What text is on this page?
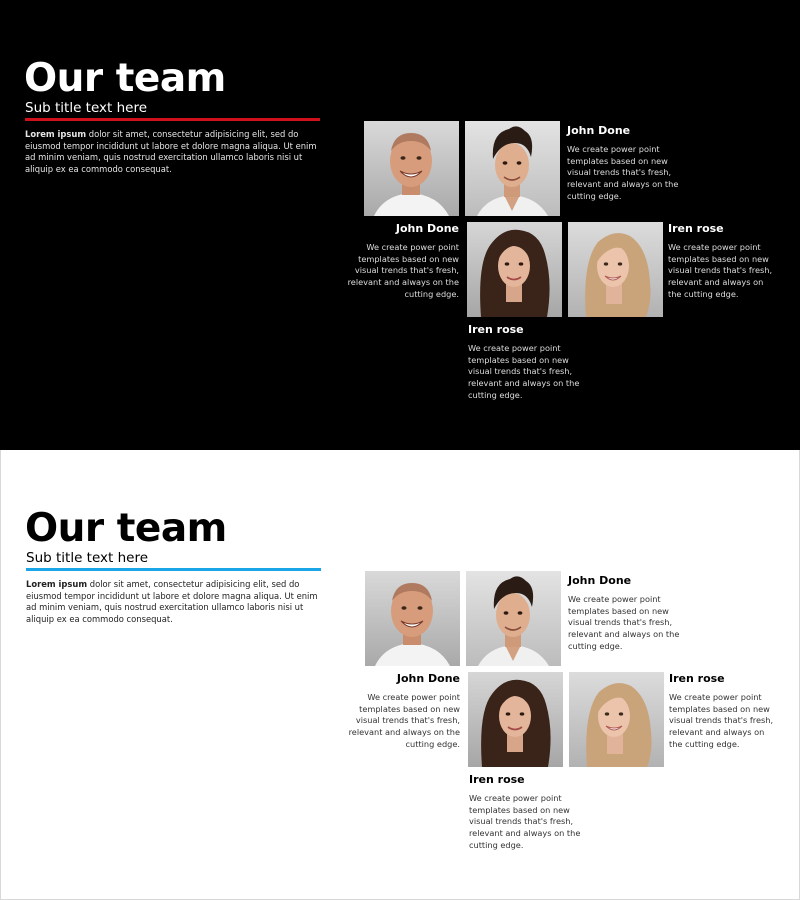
Our team
Sub title text here

Lorem ipsum dolor sit amet, consectetur adipisicing elit, sed do eiusmod tempor incididunt ut labore et dolore magna aliqua. Ut enim ad minim veniam, quis nostrud exercitation ullamco laboris nisi ut aliquip ex ea commodo consequat.

John Done
We create power point templates based on new visual trends that's fresh, relevant and always on the cutting edge.
John Done
We create power point templates based on new visual trends that's fresh, relevant and always on the cutting edge.
Iren rose
We create power point templates based on new visual trends that's fresh, relevant and always on the cutting edge.
Iren rose
We create power point templates based on new visual trends that's fresh, relevant and always on the cutting edge.
Our team
Sub title text here

Lorem ipsum dolor sit amet, consectetur adipisicing elit, sed do eiusmod tempor incididunt ut labore et dolore magna aliqua. Ut enim ad minim veniam, quis nostrud exercitation ullamco laboris nisi ut aliquip ex ea commodo consequat.

John Done
We create power point templates based on new visual trends that's fresh, relevant and always on the cutting edge.
John Done
We create power point templates based on new visual trends that's fresh, relevant and always on the cutting edge.
Iren rose
We create power point templates based on new visual trends that's fresh, relevant and always on the cutting edge.
Iren rose
We create power point templates based on new visual trends that's fresh, relevant and always on the cutting edge.
